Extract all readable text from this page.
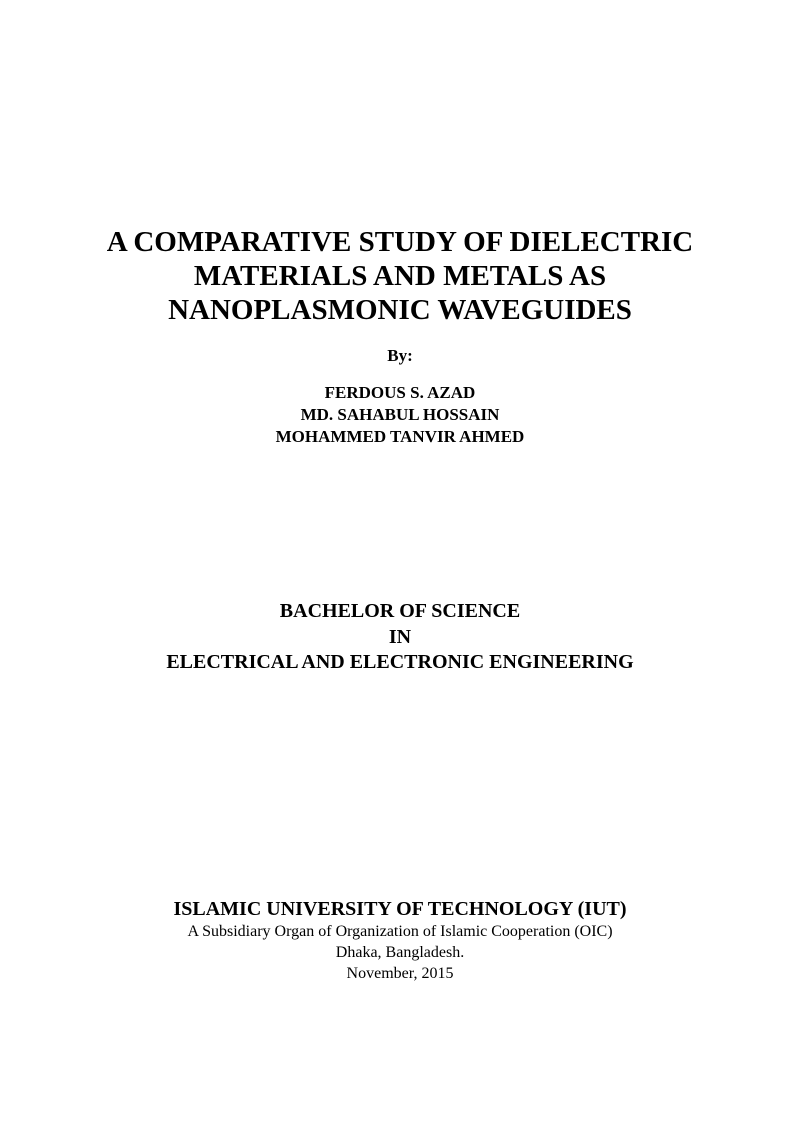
A COMPARATIVE STUDY OF DIELECTRIC
MATERIALS AND METALS AS
NANOPLASMONIC WAVEGUIDES
By:
FERDOUS S. AZAD
MD. SAHABUL HOSSAIN
MOHAMMED TANVIR AHMED
BACHELOR OF SCIENCE
IN
ELECTRICAL AND ELECTRONIC ENGINEERING
ISLAMIC UNIVERSITY OF TECHNOLOGY (IUT)
A Subsidiary Organ of Organization of Islamic Cooperation (OIC)
Dhaka, Bangladesh.
November, 2015
